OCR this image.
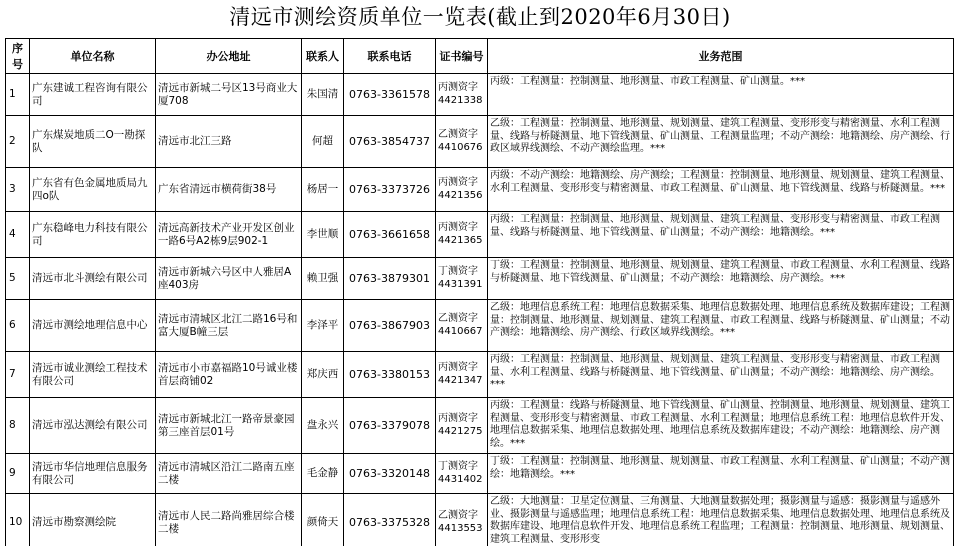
清远市测绘资质单位一览表(截止到2020年6月30日)
序号	单位名称	办公地址	联系人	联系电话	证书编号	业务范围
1	广东建诚工程咨询有限公司	清远市新城二号区13号商业大厦708	朱国清	0763-3361578	丙测资字4421338	丙级：工程测量：控制测量、地形测量、市政工程测量、矿山测量。***
2	广东煤炭地质二O一勘探队	清远市北江三路	何超	0763-3854737	乙测资字4410676	乙级：工程测量：控制测量、地形测量、规划测量、建筑工程测量、变形形变与精密测量、水利工程测量、线路与桥隧测量、地下管线测量、矿山测量、工程测量监理；不动产测绘：地籍测绘、房产测绘、行政区域界线测绘、不动产测绘监理。***
3	广东省有色金属地质局九四o队	广东省清远市横荷街38号	杨居一	0763-3373726	丙测资字4421356	丙级：不动产测绘：地籍测绘、房产测绘；工程测量：控制测量、地形测量、规划测量、建筑工程测量、水利工程测量、变形形变与精密测量、市政工程测量、矿山测量、地下管线测量、线路与桥隧测量。***
4	广东稳峰电力科技有限公司	清远高新技术产业开发区创业一路6号A2栋9层902-1	李世顺	0763-3661658	丙测资字4421365	丙级：工程测量：控制测量、地形测量、规划测量、建筑工程测量、变形形变与精密测量、市政工程测量、线路与桥隧测量、地下管线测量、矿山测量；不动产测绘：地籍测绘。***
5	清远市北斗测绘有限公司	清远市新城六号区中人雅居A座403房	赖卫强	0763-3879301	丁测资字4431391	丁级：工程测量：控制测量、地形测量、规划测量、建筑工程测量、市政工程测量、水利工程测量、线路与桥隧测量、地下管线测量、矿山测量；不动产测绘：地籍测绘、房产测绘。***
6	清远市测绘地理信息中心	清远市清城区北江二路16号和富大厦B幢三层	李泽平	0763-3867903	乙测资字4410667	乙级：地理信息系统工程：地理信息数据采集、地理信息数据处理、地理信息系统及数据库建设；工程测量：控制测量、地形测量、规划测量、建筑工程测量、市政工程测量、线路与桥隧测量、矿山测量；不动产测绘：地籍测绘、房产测绘、行政区域界线测绘。***
7	清远市诚业测绘工程技术有限公司	清远市小市嘉福路10号诚业楼首层商铺02	郑庆西	0763-3380153	丙测资字4421347	丙级：工程测量：控制测量、地形测量、规划测量、建筑工程测量、变形形变与精密测量、市政工程测量、水利工程测量、线路与桥隧测量、地下管线测量、矿山测量；不动产测绘：地籍测绘、房产测绘。***
8	清远市泓达测绘有限公司	清远市新城北江一路帝景豪园第三座首层01号	盘永兴	0763-3379078	丙测资字4421275	丙级：工程测量：线路与桥隧测量、地下管线测量、矿山测量、控制测量、地形测量、规划测量、建筑工程测量、变形形变与精密测量、市政工程测量、水利工程测量；地理信息系统工程：地理信息软件开发、地理信息数据采集、地理信息数据处理、地理信息系统及数据库建设；不动产测绘：地籍测绘、房产测绘。***
9	清远市华信地理信息服务有限公司	清远市清城区沿江二路南五座二楼	毛金静	0763-3320148	丁测资字4431402	丁级：工程测量：控制测量、地形测量、规划测量、市政工程测量、水利工程测量、矿山测量；不动产测绘：地籍测绘。***
10	清远市勘察测绘院	清远市人民二路尚雅居综合楼二楼	颜倚天	0763-3375328	乙测资字4413553	乙级：大地测量：卫星定位测量、三角测量、大地测量数据处理；摄影测量与遥感：摄影测量与遥感外业、摄影测量与遥感监理；地理信息系统工程：地理信息数据采集、地理信息数据处理、地理信息系统及数据库建设、地理信息软件开发、地理信息系统工程监理；工程测量：控制测量、地形测量、规划测量、建筑工程测量、变形形变
